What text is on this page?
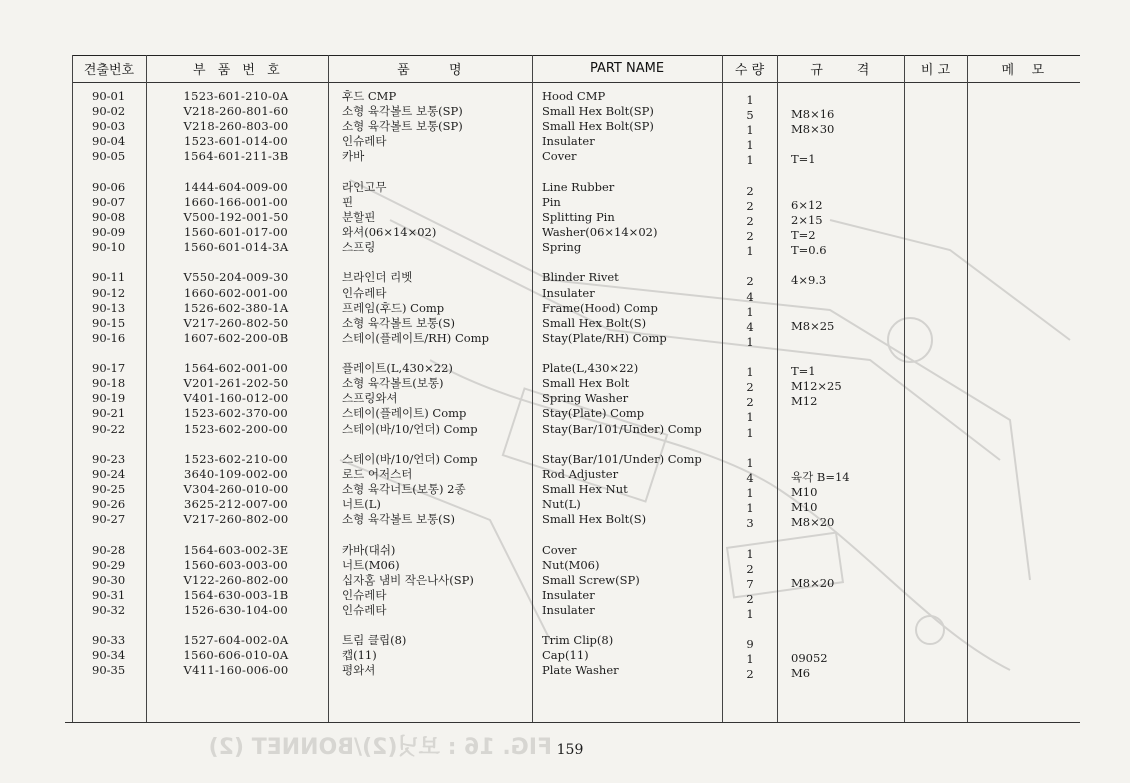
견출번호	부  품  번  호	품       명	PART NAME	수 량	규      격	비 고	메   모
90-01	1523-601-210-0A	후드 CMP	Hood CMP	1
90-02	V218-260-801-60	소형 육각볼트 보통(SP)	Small Hex Bolt(SP)	5	M8×16
90-03	V218-260-803-00	소형 육각볼트 보통(SP)	Small Hex Bolt(SP)	1	M8×30
90-04	1523-601-014-00	인슈레타	Insulater	1
90-05	1564-601-211-3B	카바	Cover	1	T=1
90-06	1444-604-009-00	라인고무	Line Rubber	2
90-07	1660-166-001-00	핀	Pin	2	6×12
90-08	V500-192-001-50	분할핀	Splitting Pin	2	2×15
90-09	1560-601-017-00	와셔(06×14×02)	Washer(06×14×02)	2	T=2
90-10	1560-601-014-3A	스프링	Spring	1	T=0.6
90-11	V550-204-009-30	브라인더 리벳	Blinder Rivet	2	4×9.3
90-12	1660-602-001-00	인슈레타	Insulater	4
90-13	1526-602-380-1A	프레임(후드) Comp	Frame(Hood) Comp	1
90-15	V217-260-802-50	소형 육각볼트 보통(S)	Small Hex Bolt(S)	4	M8×25
90-16	1607-602-200-0B	스테이(플레이트/RH) Comp	Stay(Plate/RH) Comp	1
90-17	1564-602-001-00	플레이트(L,430×22)	Plate(L,430×22)	1	T=1
90-18	V201-261-202-50	소형 육각볼트(보통)	Small Hex Bolt	2	M12×25
90-19	V401-160-012-00	스프링와셔	Spring Washer	2	M12
90-21	1523-602-370-00	스테이(플레이트) Comp	Stay(Plate) Comp	1
90-22	1523-602-200-00	스테이(바/10/언더) Comp	Stay(Bar/101/Under) Comp	1
90-23	1523-602-210-00	스테이(바/10/언더) Comp	Stay(Bar/101/Under) Comp	1
90-24	3640-109-002-00	로드 어저스터	Rod Adjuster	4	육각 B=14
90-25	V304-260-010-00	소형 육각너트(보통) 2종	Small Hex Nut	1	M10
90-26	3625-212-007-00	너트(L)	Nut(L)	1	M10
90-27	V217-260-802-00	소형 육각볼트 보통(S)	Small Hex Bolt(S)	3	M8×20
90-28	1564-603-002-3E	카바(대쉬)	Cover	1
90-29	1560-603-003-00	너트(M06)	Nut(M06)	2
90-30	V122-260-802-00	십자홈 냄비 작은나사(SP)	Small Screw(SP)	7	M8×20
90-31	1564-630-003-1B	인슈레타	Insulater	2
90-32	1526-630-104-00	인슈레타	Insulater	1
90-33	1527-604-002-0A	트림 클립(8)	Trim Clip(8)	9
90-34	1560-606-010-0A	캡(11)	Cap(11)	1	09052
90-35	V411-160-006-00	평와셔	Plate Washer	2	M6
FIG. 16 : 보닛(2)/BONNET (2) 159
